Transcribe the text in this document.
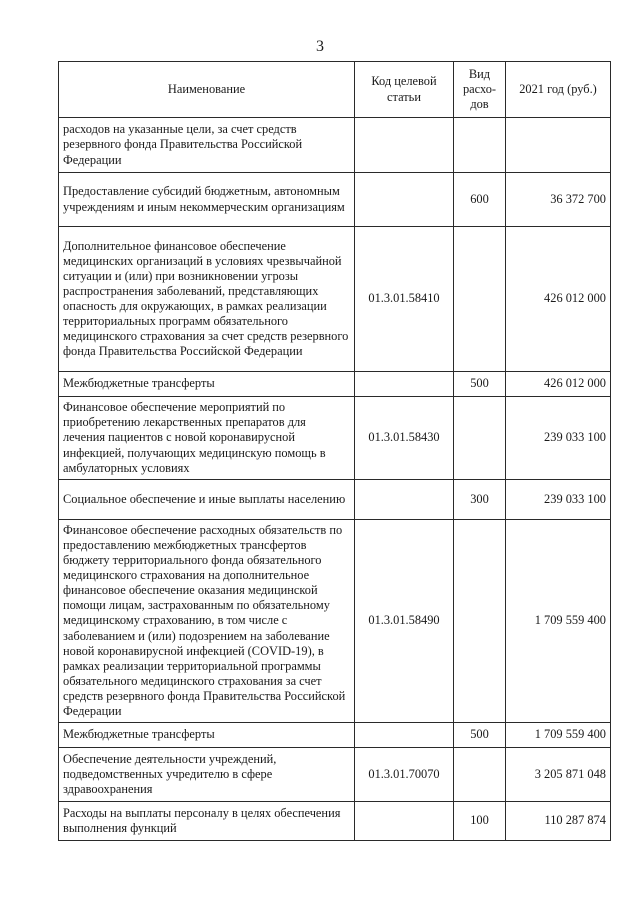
3
Наименование	Код целевой статьи	Вид расхо-дов	2021 год (руб.)
расходов на указанные цели, за счет средств резервного фонда Правительства Российской Федерации			
Предоставление субсидий бюджетным, автономным учреждениям и иным некоммерческим организациям		600	36 372 700
Дополнительное финансовое обеспечение медицинских организаций в условиях чрезвычайной ситуации и (или) при возникновении угрозы распространения заболеваний, представляющих опасность для окружающих, в рамках реализации территориальных программ обязательного медицинского страхования за счет средств резервного фонда Правительства Российской Федерации	01.3.01.58410		426 012 000
Межбюджетные трансферты		500	426 012 000
Финансовое обеспечение мероприятий по приобретению лекарственных препаратов для лечения пациентов с новой коронавирусной инфекцией, получающих медицинскую помощь в амбулаторных условиях	01.3.01.58430		239 033 100
Социальное обеспечение и иные выплаты населению		300	239 033 100
Финансовое обеспечение расходных обязательств по предоставлению межбюджетных трансфертов бюджету территориального фонда обязательного медицинского страхования на дополнительное финансовое обеспечение оказания медицинской помощи лицам, застрахованным по обязательному медицинскому страхованию, в том числе с заболеванием и (или) подозрением на заболевание новой коронавирусной инфекцией (COVID-19), в рамках реализации территориальной программы обязательного медицинского страхования за счет средств резервного фонда Правительства Российской Федерации	01.3.01.58490		1 709 559 400
Межбюджетные трансферты		500	1 709 559 400
Обеспечение деятельности учреждений, подведомственных учредителю в сфере здравоохранения	01.3.01.70070		3 205 871 048
Расходы на выплаты персоналу в целях обеспечения выполнения функций		100	110 287 874
